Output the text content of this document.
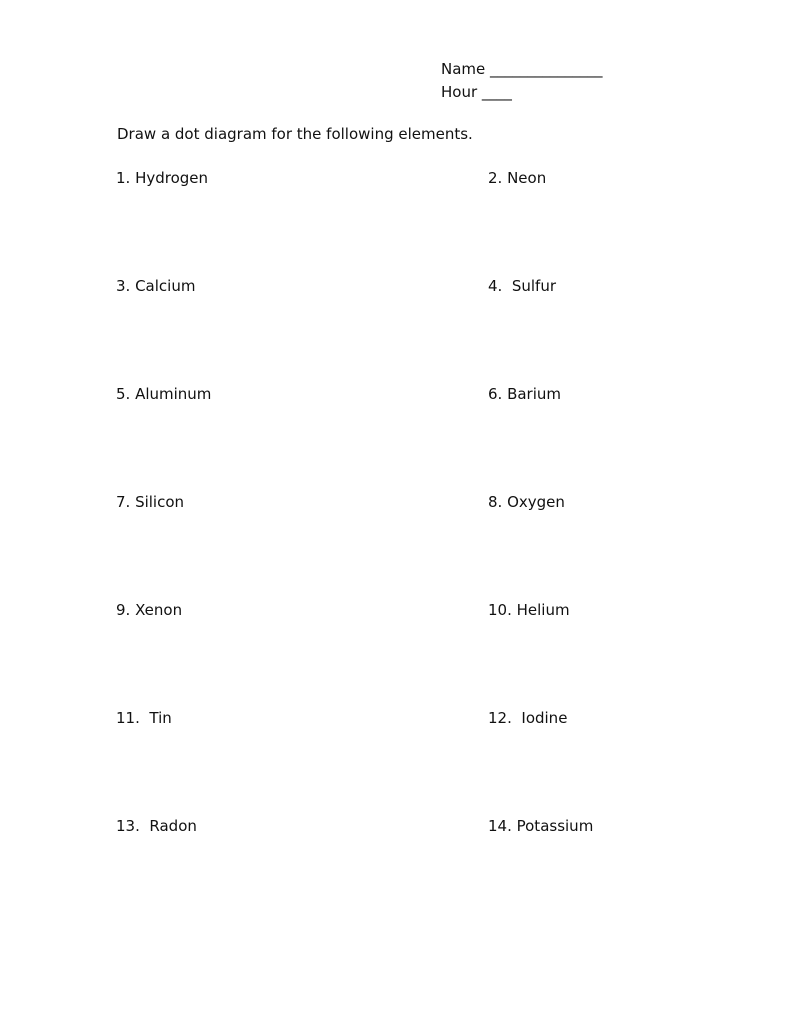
Name _______________
Hour ____
Draw a dot diagram for the following elements.
1. Hydrogen	2. Neon
3. Calcium	4.  Sulfur
5. Aluminum	6. Barium
7. Silicon	8. Oxygen
9. Xenon	10. Helium
11.  Tin	12.  Iodine
13.  Radon	14. Potassium
